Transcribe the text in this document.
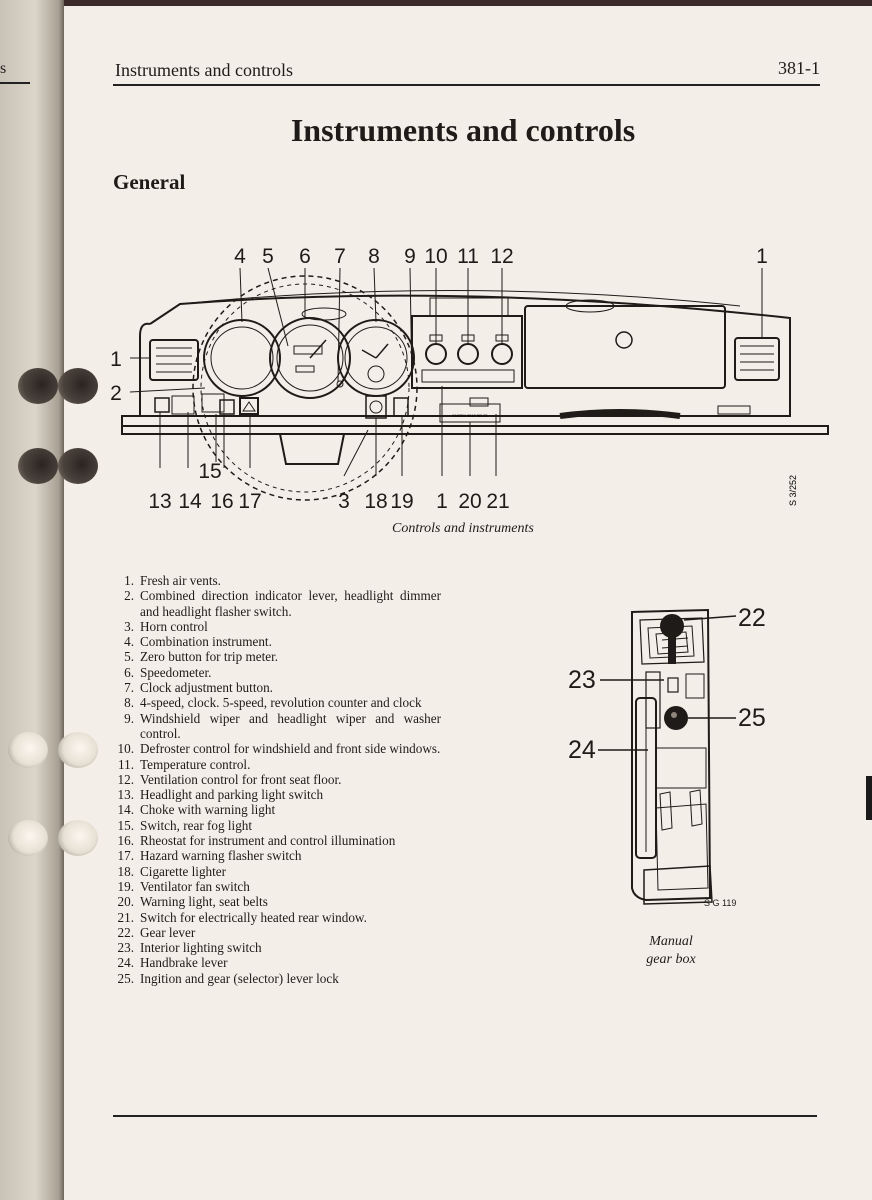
s	Instruments and controls	381-1
Instruments and controls
General
FASTEN SEAT BELTS
4 5 6 7 8 9 10 11 12	1
1
2
15
13 14 16 17	3 18 19 1 20 21	S 3/252
Controls and instruments
1. Fresh air vents.
2. Combined direction indicator lever, headlight dimmer and headlight flasher switch.
3. Horn control
4. Combination instrument.
5. Zero button for trip meter.
6. Speedometer.
7. Clock adjustment button.
8. 4-speed, clock. 5-speed, revolution counter and clock
9. Windshield wiper and headlight wiper and washer control.
10. Defroster control for windshield and front side windows.
11. Temperature control.
12. Ventilation control for front seat floor.
13. Headlight and parking light switch
14. Choke with warning light
15. Switch, rear fog light
16. Rheostat for instrument and control illumination
17. Hazard warning flasher switch
18. Cigarette lighter
19. Ventilator fan switch
20. Warning light, seat belts
21. Switch for electrically heated rear window.
22. Gear lever
23. Interior lighting switch
24. Handbrake lever
25. Ingition and gear (selector) lever lock
22
23
25
24
S G 119
Manual
gear box
